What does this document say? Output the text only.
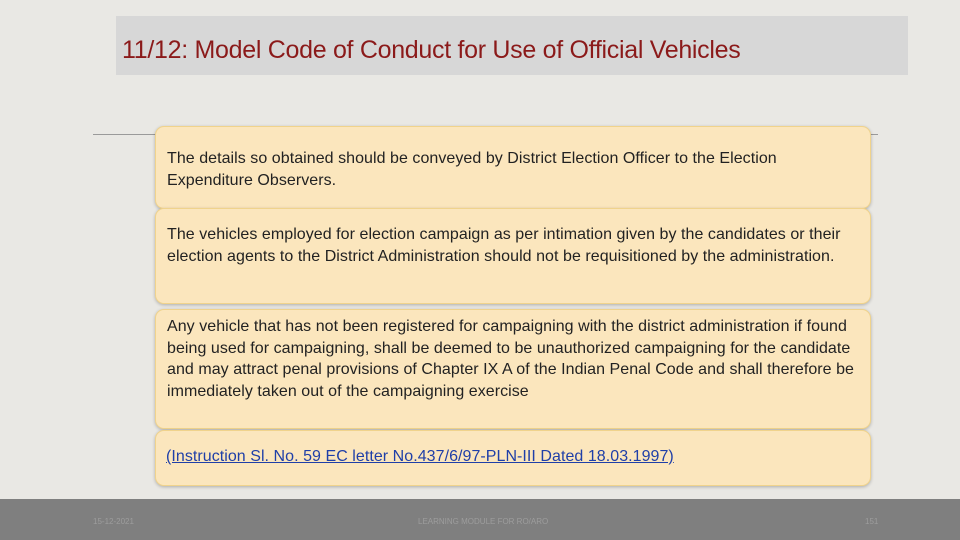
11/12: Model Code of Conduct for Use of Official Vehicles

The details so obtained should be conveyed by District Election Officer to the Election Expenditure Observers.

The vehicles employed for election campaign as per intimation given by the candidates or their election agents to the District Administration should not be requisitioned by the administration.

Any vehicle that has not been registered for campaigning with the district administration if found being used for campaigning, shall be deemed to be unauthorized campaigning for the candidate and may attract penal provisions of Chapter IX A of the Indian Penal Code and shall therefore be immediately taken out of the campaigning exercise

(Instruction Sl. No. 59 EC letter No.437/6/97-PLN-III Dated 18.03.1997)

15-12-2021	LEARNING MODULE FOR RO/ARO	151
